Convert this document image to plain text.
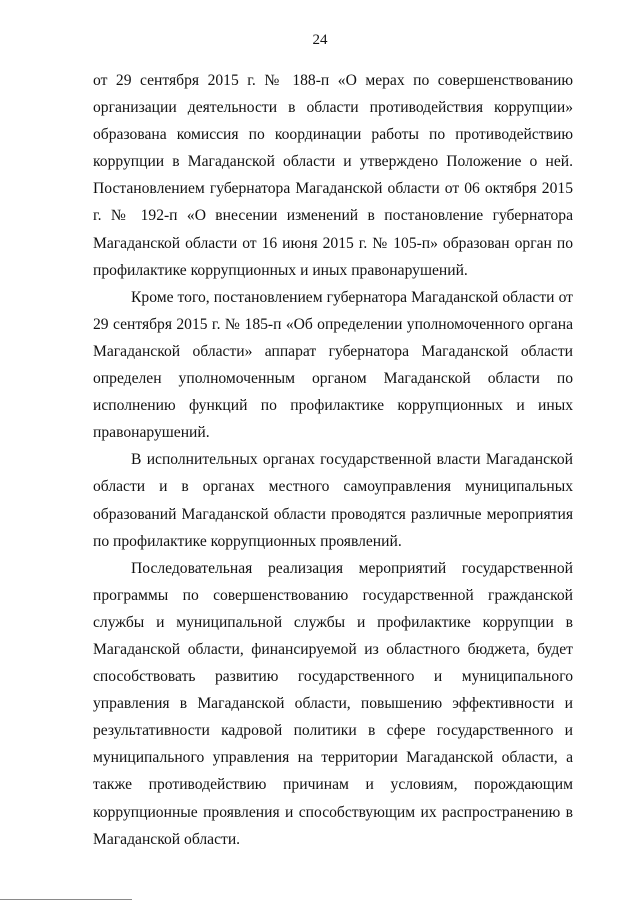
24

от 29 сентября 2015 г. № 188-п «О мерах по совершенствованию организации деятельности в области противодействия коррупции» образована комиссия по координации работы по противодействию коррупции в Магаданской области и утверждено Положение о ней. Постановлением губернатора Магаданской области от 06 октября 2015 г. № 192-п «О внесении изменений в постановление губернатора Магаданской области от 16 июня 2015 г. № 105-п» образован орган по профилактике коррупционных и иных правонарушений.

Кроме того, постановлением губернатора Магаданской области от 29 сентября 2015 г. № 185-п «Об определении уполномоченного органа Магаданской области» аппарат губернатора Магаданской области определен уполномоченным органом Магаданской области по исполнению функций по профилактике коррупционных и иных правонарушений.

В исполнительных органах государственной власти Магаданской области и в органах местного самоуправления муниципальных образований Магаданской области проводятся различные мероприятия по профилактике коррупционных проявлений.

Последовательная реализация мероприятий государственной программы по совершенствованию государственной гражданской службы и муниципальной службы и профилактике коррупции в Магаданской области, финансируемой из областного бюджета, будет способствовать развитию государственного и муниципального управления в Магаданской области, повышению эффективности и результативности кадровой политики в сфере государственного и муниципального управления на территории Магаданской области, а также противодействию причинам и условиям, порождающим коррупционные проявления и способствующим их распространению в Магаданской области.
